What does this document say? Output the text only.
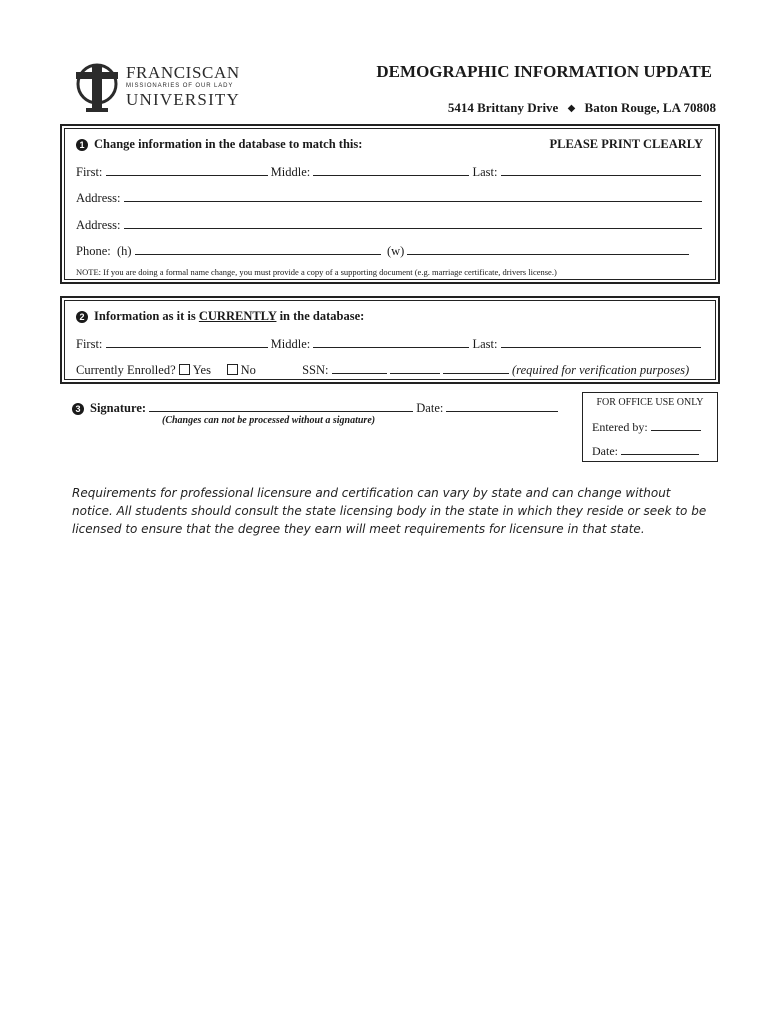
FRANCISCAN
MISSIONARIES OF OUR LADY
UNIVERSITY
DEMOGRAPHIC INFORMATION UPDATE
5414 Brittany Drive ◆ Baton Rouge, LA 70808
1 Change information in the database to match this:	PLEASE PRINT CLEARLY
First:	Middle:	Last:
Address:
Address:
Phone: (h)	(w)
NOTE: If you are doing a formal name change, you must provide a copy of a supporting document (e.g. marriage certificate, drivers license.)
2 Information as it is CURRENTLY in the database:
First:	Middle:	Last:
Currently Enrolled? Yes No	SSN:	(required for verification purposes)
3 Signature:	Date:
(Changes can not be processed without a signature)
FOR OFFICE USE ONLY
Entered by:
Date:
Requirements for professional licensure and certification can vary by state and can change without notice. All students should consult the state licensing body in the state in which they reside or seek to be licensed to ensure that the degree they earn will meet requirements for licensure in that state.
